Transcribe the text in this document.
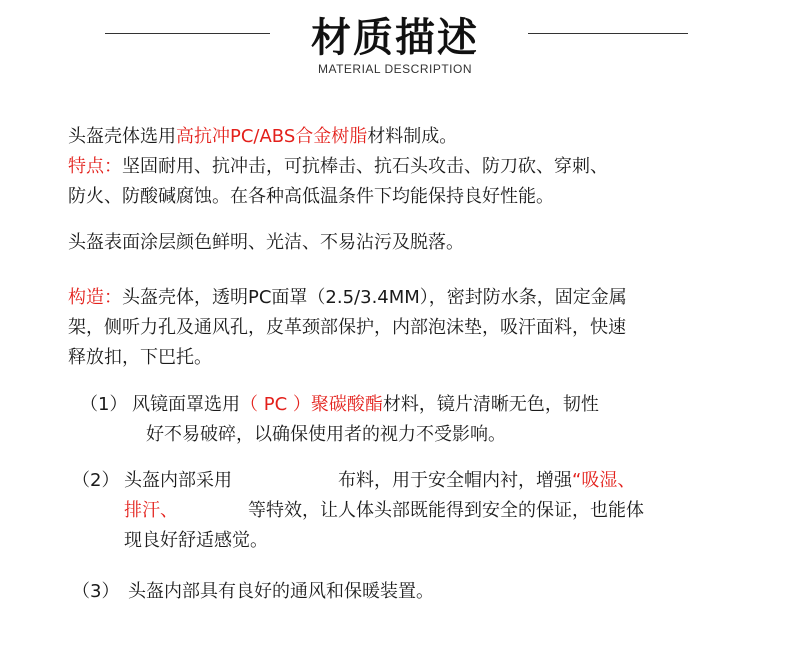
材质描述
MATERIAL DESCRIPTION
头盔壳体选用高抗冲PC/ABS合金树脂材料制成。
特点：坚固耐用、抗冲击，可抗棒击、抗石头攻击、防刀砍、穿刺、
防火、防酸碱腐蚀。在各种高低温条件下均能保持良好性能。
头盔表面涂层颜色鲜明、光洁、不易沾污及脱落。
构造：头盔壳体，透明PC面罩（2.5/3.4MM），密封防水条，固定金属
架，侧听力孔及通风孔，皮革颈部保护，内部泡沫垫，吸汗面料，快速
释放扣，下巴托。
（1） 风镜面罩选用（ PC ）聚碳酸酯材料，镜片清晰无色，韧性
好不易破碎，以确保使用者的视力不受影响。
（2） 头盔内部采用	布料，用于安全帽内衬，增强“吸湿、
排汗、	等特效，让人体头部既能得到安全的保证，也能体
现良好舒适感觉。
（3） 头盔内部具有良好的通风和保暖装置。
